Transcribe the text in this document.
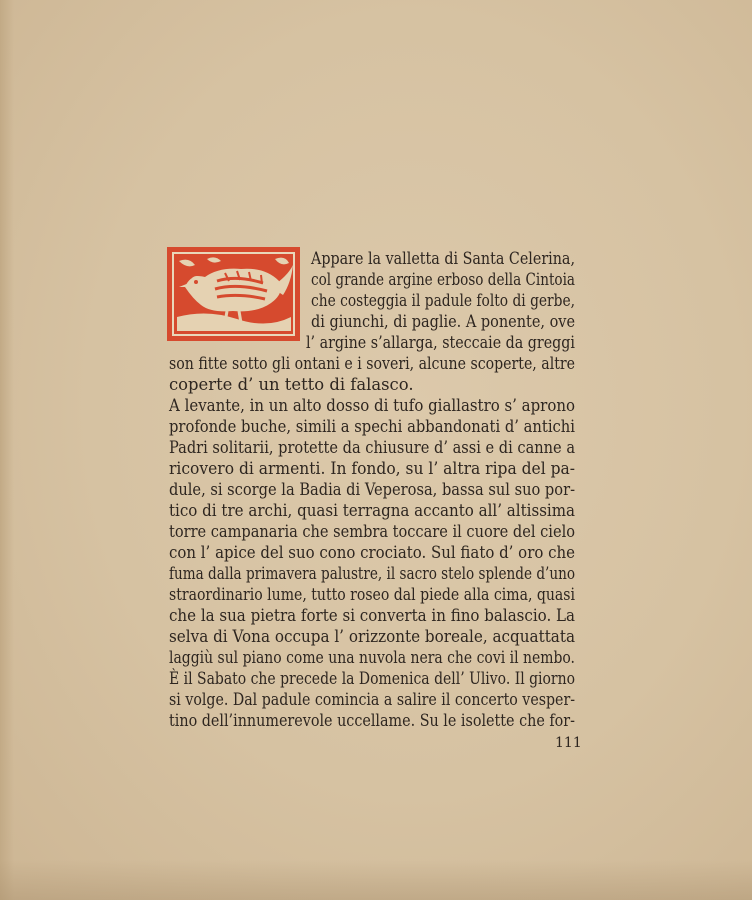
Appare la valletta di Santa Celerina,
col grande argine erboso della Cintoia
che costeggia il padule folto di gerbe,
di giunchi, di paglie. A ponente, ove
l’ argine s’allarga, steccaie da greggi
son fitte sotto gli ontani e i soveri, alcune scoperte, altre
coperte d’ un tetto di falasco.
A levante, in un alto dosso di tufo giallastro s’ aprono
profonde buche, simili a spechi abbandonati d’ antichi
Padri solitarii, protette da chiusure d’ assi e di canne a
ricovero di armenti. In fondo, su l’ altra ripa del pa-
dule, si scorge la Badia di Veperosa, bassa sul suo por-
tico di tre archi, quasi terragna accanto all’ altissima
torre campanaria che sembra toccare il cuore del cielo
con l’ apice del suo cono crociato. Sul fiato d’ oro che
fuma dalla primavera palustre, il sacro stelo splende d’uno
straordinario lume, tutto roseo dal piede alla cima, quasi
che la sua pietra forte si converta in fino balascio. La
selva di Vona occupa l’ orizzonte boreale, acquattata
laggiù sul piano come una nuvola nera che covi il nembo.
È il Sabato che precede la Domenica dell’ Ulivo. Il giorno
si volge. Dal padule comincia a salire il concerto vesper-
tino dell’innumerevole uccellame. Su le isolette che for-
111
